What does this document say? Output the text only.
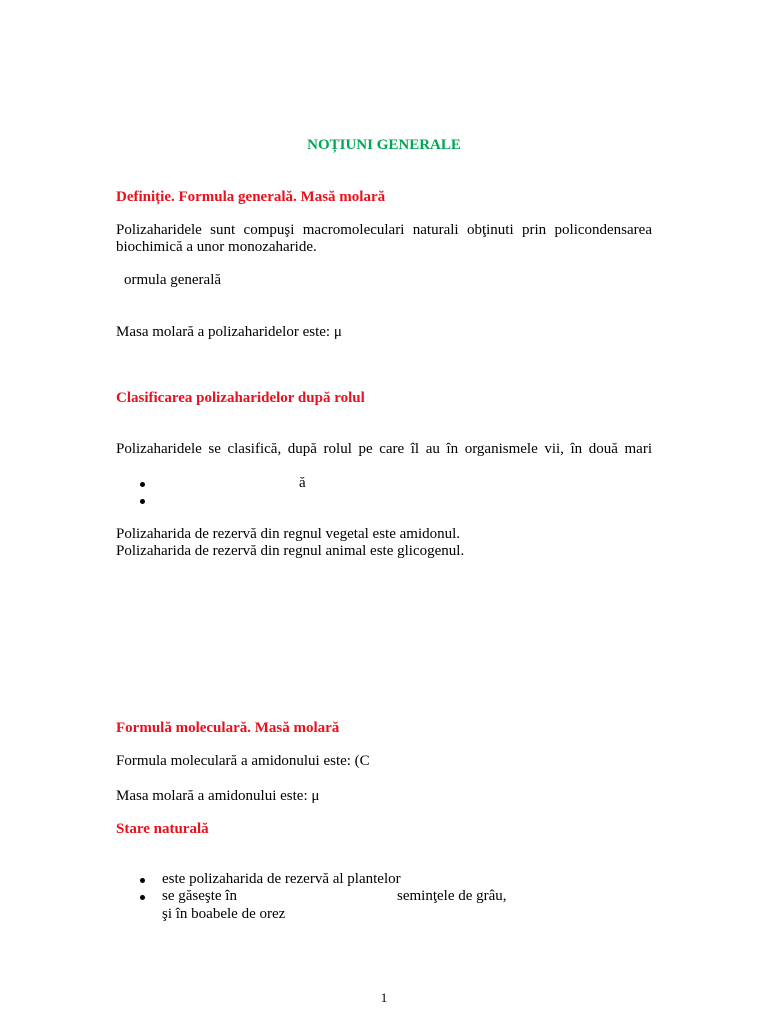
NOȚIUNI GENERALE
Definiție. Formula generală. Masă molară
Polizaharidele sunt compuşi macromoleculari naturali obţinuti prin policondensarea
biochimică a unor monozaharide.
ormula generală
Masa molară a polizaharidelor este: μ
Clasificarea polizaharidelor după rolul
Polizaharidele se clasifică, după rolul pe care îl au în organismele vii, în două mari
ă
Polizaharida de rezervă din regnul vegetal este amidonul.
Polizaharida de rezervă din regnul animal este glicogenul.
Formulă moleculară. Masă molară
Formula moleculară a amidonului este: (C
Masa molară a amidonului este: μ
Stare naturală
este polizaharida de rezervă al plantelor
se găseşte în	seminţele de grâu,
şi în boabele de orez
1
